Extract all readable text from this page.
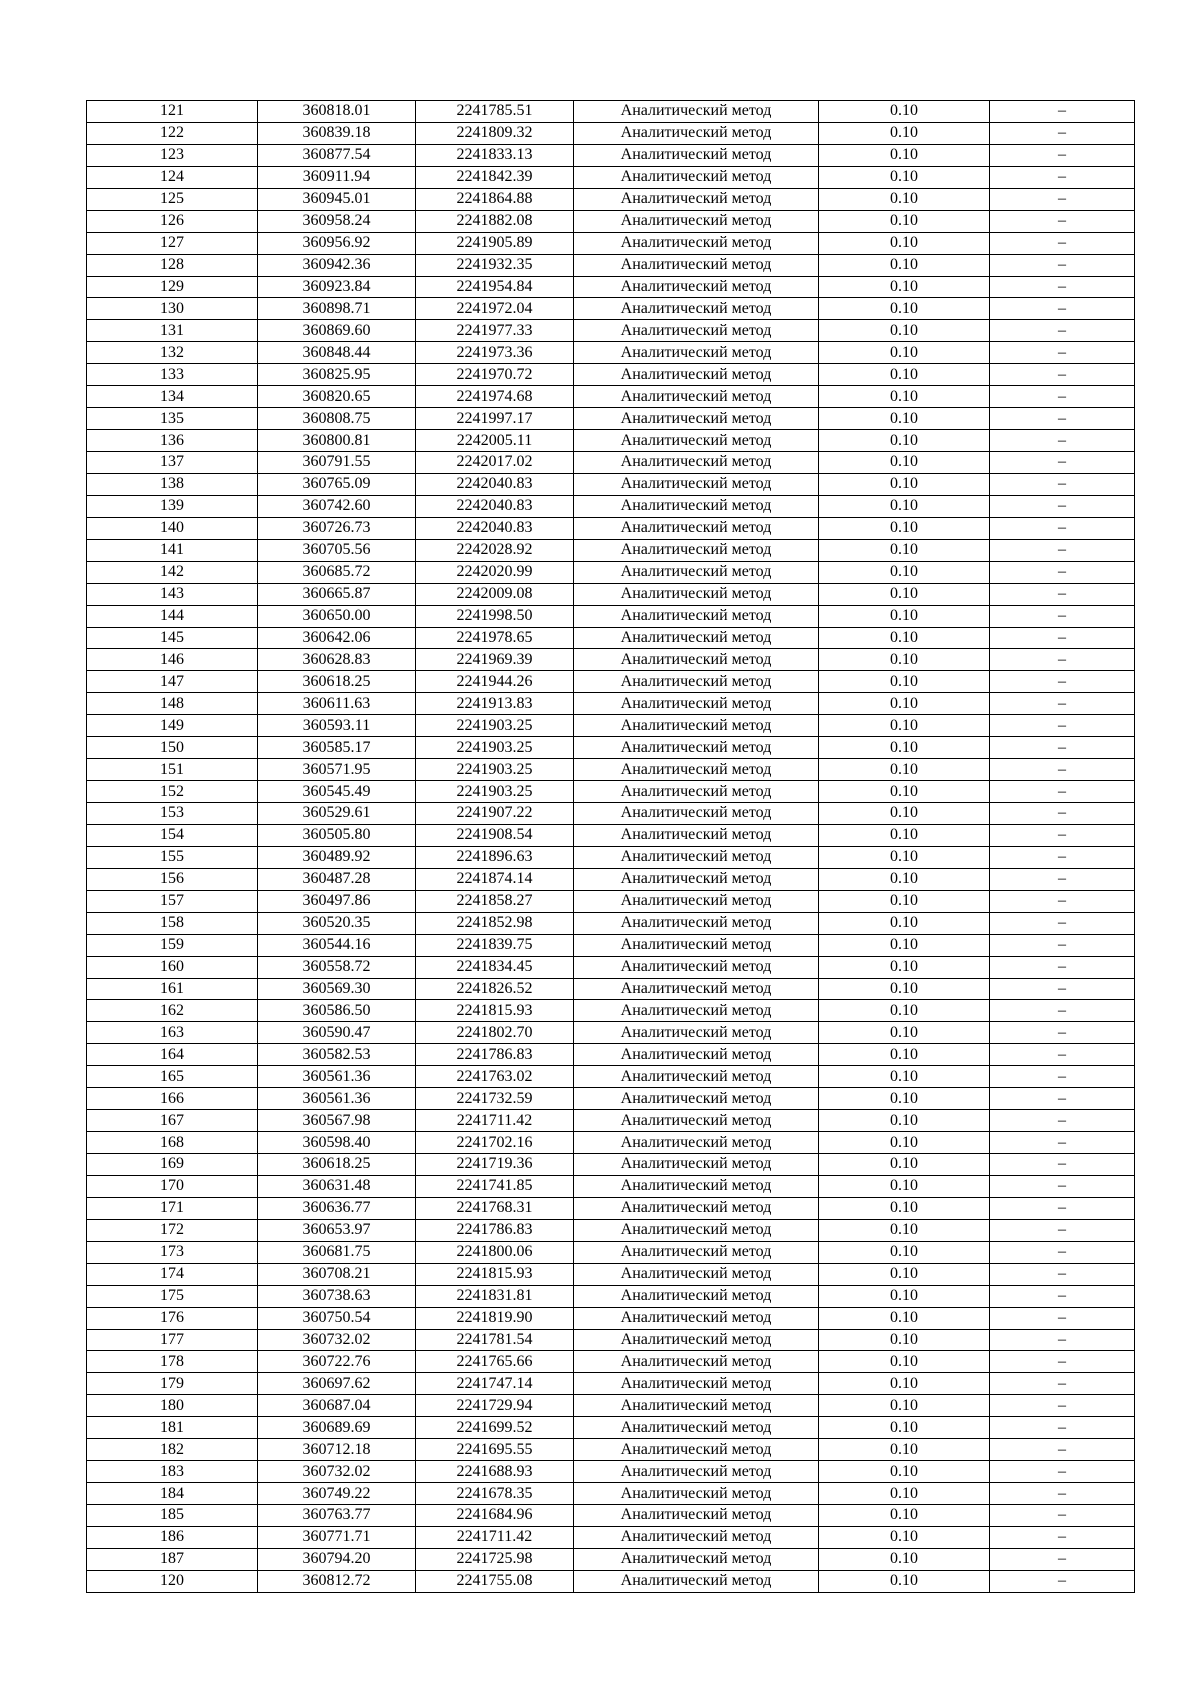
121	360818.01	2241785.51	Аналитический метод	0.10	–
122	360839.18	2241809.32	Аналитический метод	0.10	–
123	360877.54	2241833.13	Аналитический метод	0.10	–
124	360911.94	2241842.39	Аналитический метод	0.10	–
125	360945.01	2241864.88	Аналитический метод	0.10	–
126	360958.24	2241882.08	Аналитический метод	0.10	–
127	360956.92	2241905.89	Аналитический метод	0.10	–
128	360942.36	2241932.35	Аналитический метод	0.10	–
129	360923.84	2241954.84	Аналитический метод	0.10	–
130	360898.71	2241972.04	Аналитический метод	0.10	–
131	360869.60	2241977.33	Аналитический метод	0.10	–
132	360848.44	2241973.36	Аналитический метод	0.10	–
133	360825.95	2241970.72	Аналитический метод	0.10	–
134	360820.65	2241974.68	Аналитический метод	0.10	–
135	360808.75	2241997.17	Аналитический метод	0.10	–
136	360800.81	2242005.11	Аналитический метод	0.10	–
137	360791.55	2242017.02	Аналитический метод	0.10	–
138	360765.09	2242040.83	Аналитический метод	0.10	–
139	360742.60	2242040.83	Аналитический метод	0.10	–
140	360726.73	2242040.83	Аналитический метод	0.10	–
141	360705.56	2242028.92	Аналитический метод	0.10	–
142	360685.72	2242020.99	Аналитический метод	0.10	–
143	360665.87	2242009.08	Аналитический метод	0.10	–
144	360650.00	2241998.50	Аналитический метод	0.10	–
145	360642.06	2241978.65	Аналитический метод	0.10	–
146	360628.83	2241969.39	Аналитический метод	0.10	–
147	360618.25	2241944.26	Аналитический метод	0.10	–
148	360611.63	2241913.83	Аналитический метод	0.10	–
149	360593.11	2241903.25	Аналитический метод	0.10	–
150	360585.17	2241903.25	Аналитический метод	0.10	–
151	360571.95	2241903.25	Аналитический метод	0.10	–
152	360545.49	2241903.25	Аналитический метод	0.10	–
153	360529.61	2241907.22	Аналитический метод	0.10	–
154	360505.80	2241908.54	Аналитический метод	0.10	–
155	360489.92	2241896.63	Аналитический метод	0.10	–
156	360487.28	2241874.14	Аналитический метод	0.10	–
157	360497.86	2241858.27	Аналитический метод	0.10	–
158	360520.35	2241852.98	Аналитический метод	0.10	–
159	360544.16	2241839.75	Аналитический метод	0.10	–
160	360558.72	2241834.45	Аналитический метод	0.10	–
161	360569.30	2241826.52	Аналитический метод	0.10	–
162	360586.50	2241815.93	Аналитический метод	0.10	–
163	360590.47	2241802.70	Аналитический метод	0.10	–
164	360582.53	2241786.83	Аналитический метод	0.10	–
165	360561.36	2241763.02	Аналитический метод	0.10	–
166	360561.36	2241732.59	Аналитический метод	0.10	–
167	360567.98	2241711.42	Аналитический метод	0.10	–
168	360598.40	2241702.16	Аналитический метод	0.10	–
169	360618.25	2241719.36	Аналитический метод	0.10	–
170	360631.48	2241741.85	Аналитический метод	0.10	–
171	360636.77	2241768.31	Аналитический метод	0.10	–
172	360653.97	2241786.83	Аналитический метод	0.10	–
173	360681.75	2241800.06	Аналитический метод	0.10	–
174	360708.21	2241815.93	Аналитический метод	0.10	–
175	360738.63	2241831.81	Аналитический метод	0.10	–
176	360750.54	2241819.90	Аналитический метод	0.10	–
177	360732.02	2241781.54	Аналитический метод	0.10	–
178	360722.76	2241765.66	Аналитический метод	0.10	–
179	360697.62	2241747.14	Аналитический метод	0.10	–
180	360687.04	2241729.94	Аналитический метод	0.10	–
181	360689.69	2241699.52	Аналитический метод	0.10	–
182	360712.18	2241695.55	Аналитический метод	0.10	–
183	360732.02	2241688.93	Аналитический метод	0.10	–
184	360749.22	2241678.35	Аналитический метод	0.10	–
185	360763.77	2241684.96	Аналитический метод	0.10	–
186	360771.71	2241711.42	Аналитический метод	0.10	–
187	360794.20	2241725.98	Аналитический метод	0.10	–
120	360812.72	2241755.08	Аналитический метод	0.10	–
